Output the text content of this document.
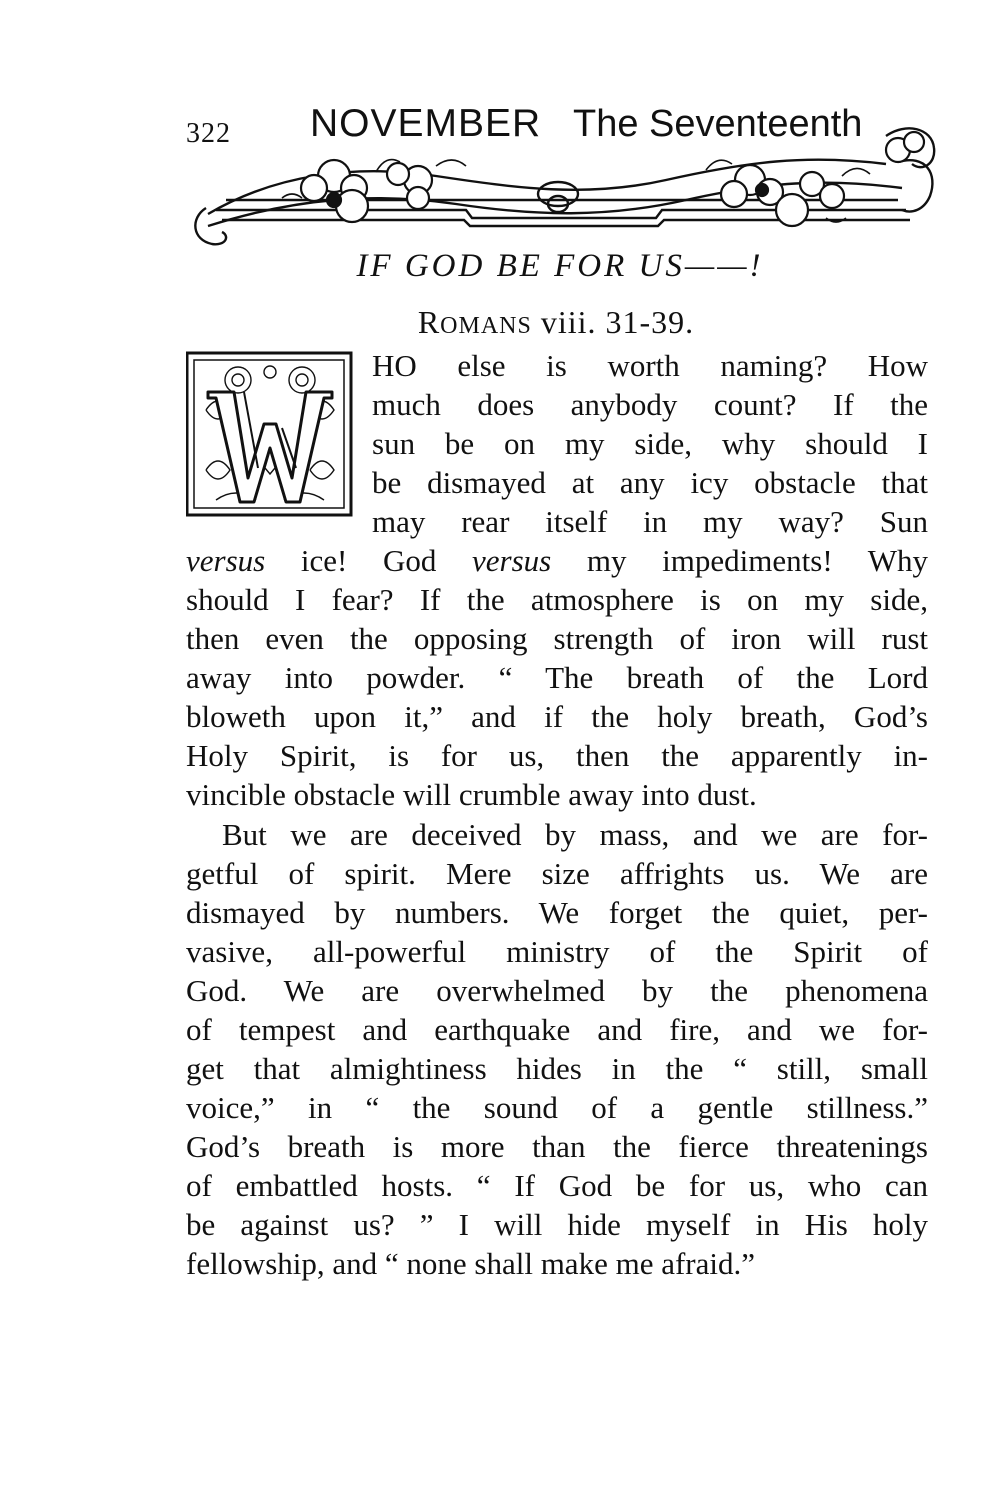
322 NOVEMBER The Seventeenth
IF GOD BE FOR US——!
ROMANS viii. 31-39.
HO else is worth naming? How
much does anybody count? If the
sun be on my side, why should I
be dismayed at any icy obstacle that
may rear itself in my way? Sun
versus ice! God versus my impediments! Why
should I fear? If the atmosphere is on my side,
then even the opposing strength of iron will rust
away into powder. “ The breath of the Lord
bloweth upon it,” and if the holy breath, God’s
Holy Spirit, is for us, then the apparently in-
vincible obstacle will crumble away into dust.
But we are deceived by mass, and we are for-
getful of spirit. Mere size affrights us. We are
dismayed by numbers. We forget the quiet, per-
vasive, all-powerful ministry of the Spirit of
God. We are overwhelmed by the phenomena
of tempest and earthquake and fire, and we for-
get that almightiness hides in the “ still, small
voice,” in “ the sound of a gentle stillness.”
God’s breath is more than the fierce threatenings
of embattled hosts. “ If God be for us, who can
be against us? ” I will hide myself in His holy
fellowship, and “ none shall make me afraid.”
